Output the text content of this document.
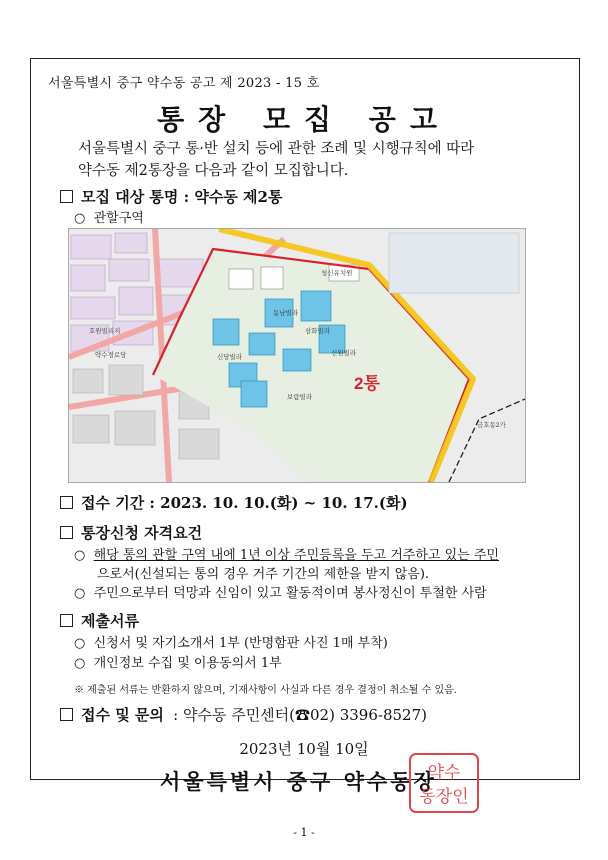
서울특별시 중구 약수동 공고 제 2023 - 15 호
통장 모집 공고
서울특별시 중구 통·반 설치 등에 관한 조례 및 시행규칙에 따라
약수동 제2통장을 다음과 같이 모집합니다.
모집 대상 통명 : 약수동 제2통
○ 관할구역
2통
금호동2가
약수경로당
청신유치원
동남빌라
호원빌리지	삼화빌라
신당빌라
보람빌라
신원빌라
접수 기간 : 2023. 10. 10.(화) ~ 10. 17.(화)
통장신청 자격요건
○ 해당 통의 관할 구역 내에 1년 이상 주민등록을 두고 거주하고 있는 주민
으로서(신설되는 통의 경우 거주 기간의 제한을 받지 않음).
○ 주민으로부터 덕망과 신임이 있고 활동적이며 봉사정신이 투철한 사람
제출서류
○ 신청서 및 자기소개서 1부 (반명함판 사진 1매 부착)
○ 개인정보 수집 및 이용동의서 1부
※ 제출된 서류는 반환하지 않으며, 기재사항이 사실과 다른 경우 결정이 취소될 수 있음.
접수 및 문의 : 약수동 주민센터(☎02) 3396-8527)
2023년 10월 10일
서울특별시 중구 약수동장
약수
동장인
- 1 -
